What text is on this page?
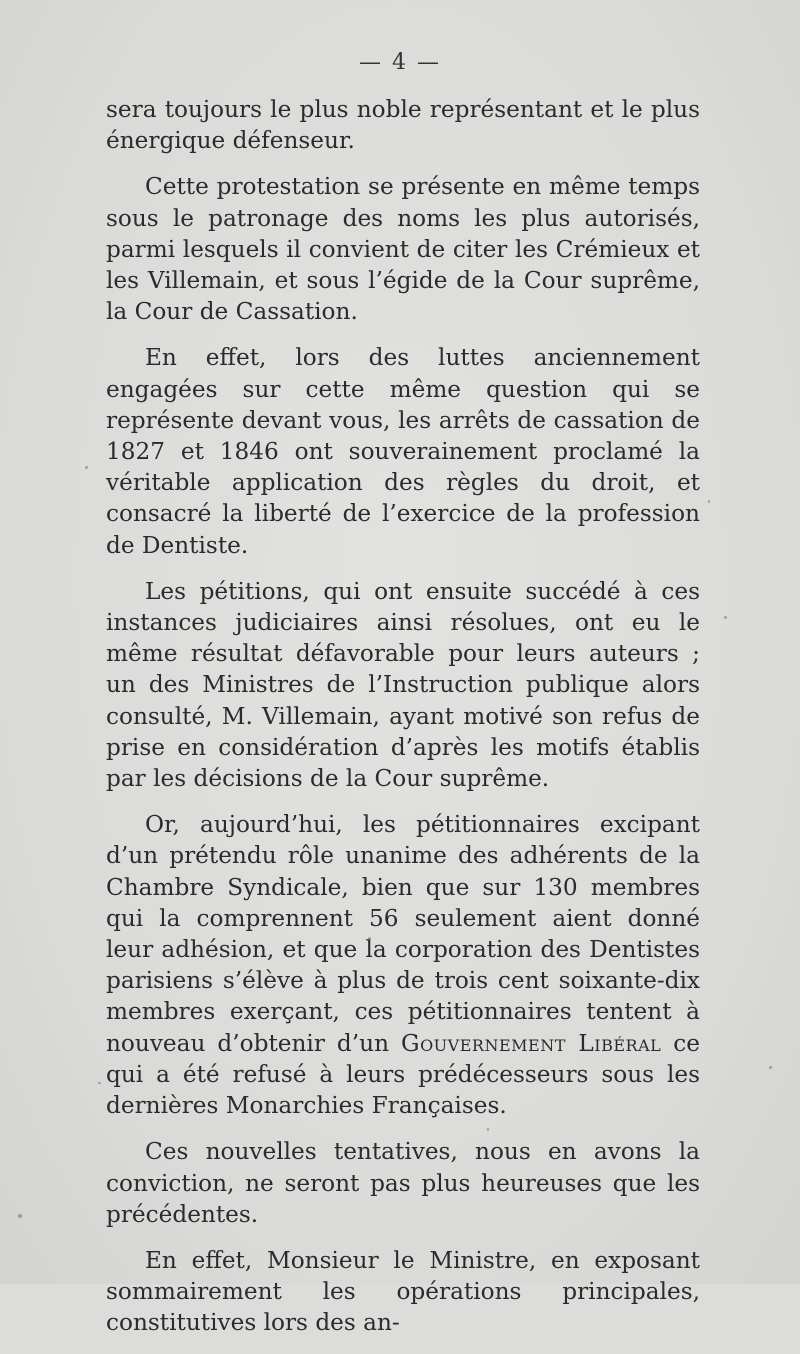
— 4 —

sera toujours le plus noble représentant et le plus énergique défenseur.

Cette protestation se présente en même temps sous le patronage des noms les plus autorisés, parmi lesquels il convient de citer les Crémieux et les Villemain, et sous l’égide de la Cour suprême, la Cour de Cassation.

En effet, lors des luttes anciennement engagées sur cette même question qui se représente devant vous, les arrêts de cassation de 1827 et 1846 ont souverainement proclamé la véritable application des règles du droit, et consacré la liberté de l’exercice de la profession de Dentiste.

Les pétitions, qui ont ensuite succédé à ces instances judiciaires ainsi résolues, ont eu le même résultat défavorable pour leurs auteurs ; un des Ministres de l’Instruction publique alors consulté, M. Villemain, ayant motivé son refus de prise en considération d’après les motifs établis par les décisions de la Cour suprême.

Or, aujourd’hui, les pétitionnaires excipant d’un prétendu rôle unanime des adhérents de la Chambre Syndicale, bien que sur 130 membres qui la comprennent 56 seulement aient donné leur adhésion, et que la corporation des Dentistes parisiens s’élève à plus de trois cent soixante-dix membres exerçant, ces pétitionnaires tentent à nouveau d’obtenir d’un Gouvernement Libéral ce qui a été refusé à leurs prédécesseurs sous les dernières Monarchies Françaises.

Ces nouvelles tentatives, nous en avons la conviction, ne seront pas plus heureuses que les précédentes.

En effet, Monsieur le Ministre, en exposant sommairement les opérations principales, constitutives lors des an-
